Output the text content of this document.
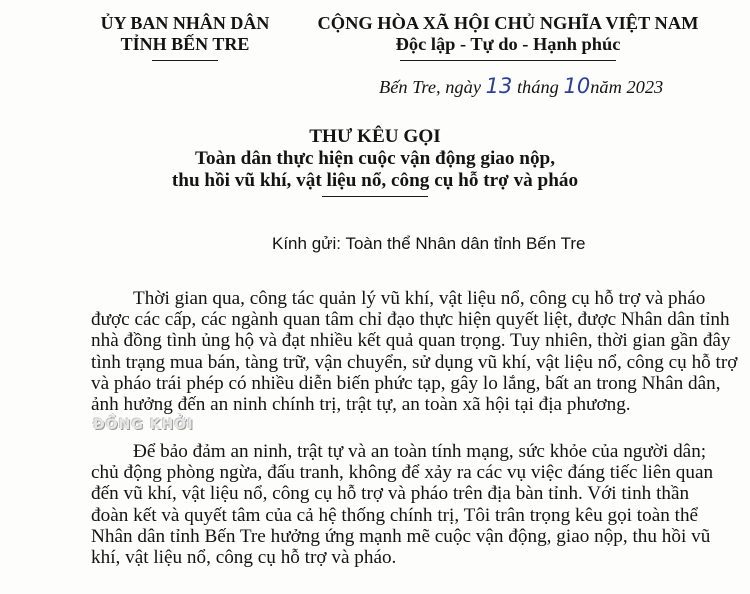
ỦY BAN NHÂN DÂN
TỈNH BẾN TRE
CỘNG HÒA XÃ HỘI CHỦ NGHĨA VIỆT NAM
Độc lập - Tự do - Hạnh phúc
Bến Tre, ngày 13 tháng 10năm 2023
THƯ KÊU GỌI
Toàn dân thực hiện cuộc vận động giao nộp,
thu hồi vũ khí, vật liệu nổ, công cụ hỗ trợ và pháo
Kính gửi: Toàn thể Nhân dân tỉnh Bến Tre
Thời gian qua, công tác quản lý vũ khí, vật liệu nổ, công cụ hỗ trợ và pháo
được các cấp, các ngành quan tâm chỉ đạo thực hiện quyết liệt, được Nhân dân tỉnh
nhà đồng tình ủng hộ và đạt nhiều kết quả quan trọng. Tuy nhiên, thời gian gần đây
tình trạng mua bán, tàng trữ, vận chuyển, sử dụng vũ khí, vật liệu nổ, công cụ hỗ trợ
và pháo trái phép có nhiều diễn biến phức tạp, gây lo lắng, bất an trong Nhân dân,
ảnh hưởng đến an ninh chính trị, trật tự, an toàn xã hội tại địa phương.
ĐỒNG KHỞI
Để bảo đảm an ninh, trật tự và an toàn tính mạng, sức khỏe của người dân;
chủ động phòng ngừa, đấu tranh, không để xảy ra các vụ việc đáng tiếc liên quan
đến vũ khí, vật liệu nổ, công cụ hỗ trợ và pháo trên địa bàn tỉnh. Với tinh thần
đoàn kết và quyết tâm của cả hệ thống chính trị, Tôi trân trọng kêu gọi toàn thể
Nhân dân tỉnh Bến Tre hưởng ứng mạnh mẽ cuộc vận động, giao nộp, thu hồi vũ
khí, vật liệu nổ, công cụ hỗ trợ và pháo.
